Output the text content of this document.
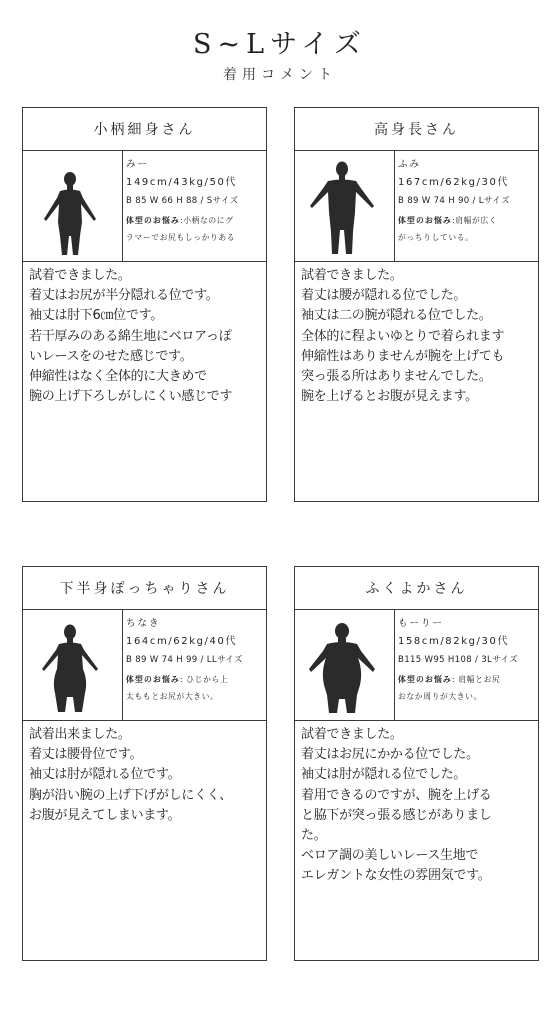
S~Lサイズ
着用コメント
小柄細身さん
みー
149cm/43kg/50代
B 85 W 66 H 88 / Sサイズ
体型のお悩み:小柄なのにグ
ラマーでお尻もしっかりある
試着できました。
着丈はお尻が半分隠れる位です。
袖丈は肘下6㎝位です。
若干厚みのある綿生地にベロアっぽ
いレースをのせた感じです。
伸縮性はなく全体的に大きめで
腕の上げ下ろしがしにくい感じです
高身長さん
ふみ
167cm/62kg/30代
B 89 W 74 H 90 / Lサイズ
体型のお悩み:肩幅が広く
がっちりしている。
試着できました。
着丈は腰が隠れる位でした。
袖丈は二の腕が隠れる位でした。
全体的に程よいゆとりで着られます
伸縮性はありませんが腕を上げても
突っ張る所はありませんでした。
腕を上げるとお腹が見えます。
下半身ぽっちゃりさん
ちなき
164cm/62kg/40代
B 89 W 74 H 99 / LLサイズ
体型のお悩み: ひじから上
太ももとお尻が大きい。
試着出来ました。
着丈は腰骨位です。
袖丈は肘が隠れる位です。
胸が沿い腕の上げ下げがしにくく、
お腹が見えてしまいます。
ふくよかさん
もーりー
158cm/82kg/30代
B115 W95 H108 / 3Lサイズ
体型のお悩み: 肩幅とお尻
おなか周りが大きい。
試着できました。
着丈はお尻にかかる位でした。
袖丈は肘が隠れる位でした。
着用できるのですが、腕を上げる
と脇下が突っ張る感じがありまし
た。
ベロア調の美しいレース生地で
エレガントな女性の雰囲気です。
